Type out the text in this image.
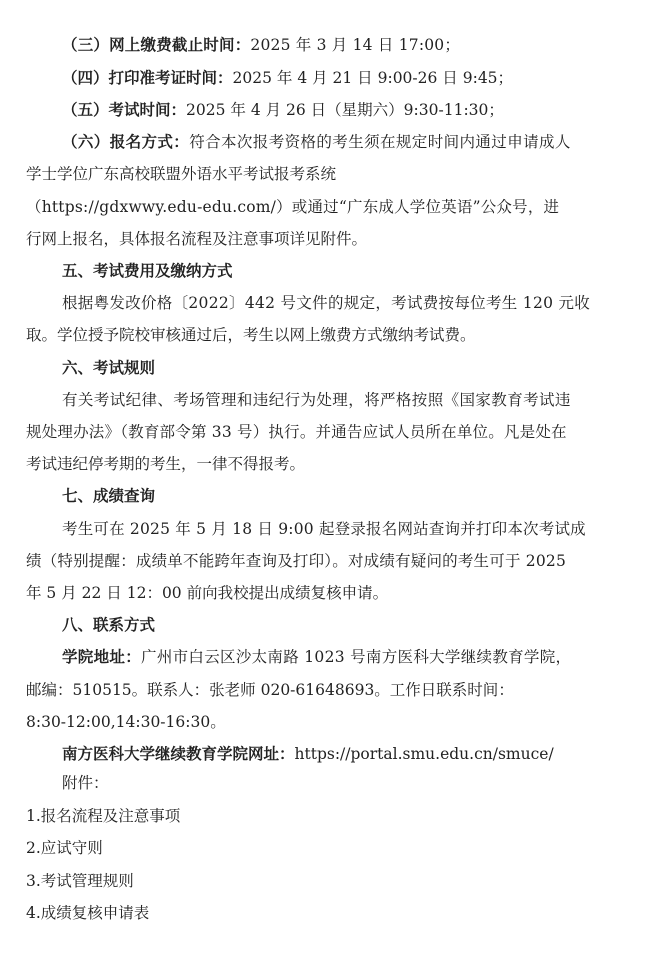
（三）网上缴费截止时间：2025 年 3 月 14 日 17:00；
（四）打印准考证时间：2025 年 4 月 21 日 9:00-26 日 9:45；
（五）考试时间：2025 年 4 月 26 日（星期六）9:30-11:30；
（六）报名方式：符合本次报考资格的考生须在规定时间内通过申请成人
学士学位广东高校联盟外语水平考试报考系统
（https://gdxwwy.edu-edu.com/）或通过“广东成人学位英语”公众号，进
行网上报名，具体报名流程及注意事项详见附件。
五、考试费用及缴纳方式
根据粤发改价格〔2022〕442 号文件的规定，考试费按每位考生 120 元收
取。学位授予院校审核通过后，考生以网上缴费方式缴纳考试费。
六、考试规则
有关考试纪律、考场管理和违纪行为处理，将严格按照《国家教育考试违
规处理办法》（教育部令第 33 号）执行。并通告应试人员所在单位。凡是处在
考试违纪停考期的考生，一律不得报考。
七、成绩查询
考生可在 2025 年 5 月 18 日 9:00 起登录报名网站查询并打印本次考试成
绩（特别提醒：成绩单不能跨年查询及打印）。对成绩有疑问的考生可于 2025
年 5 月 22 日 12：00 前向我校提出成绩复核申请。
八、联系方式
学院地址：广州市白云区沙太南路 1023 号南方医科大学继续教育学院，
邮编：510515。联系人：张老师 020-61648693。工作日联系时间：
8:30-12:00,14:30-16:30。
南方医科大学继续教育学院网址：https://portal.smu.edu.cn/smuce/
附件：
1.报名流程及注意事项
2.应试守则
3.考试管理规则
4.成绩复核申请表
